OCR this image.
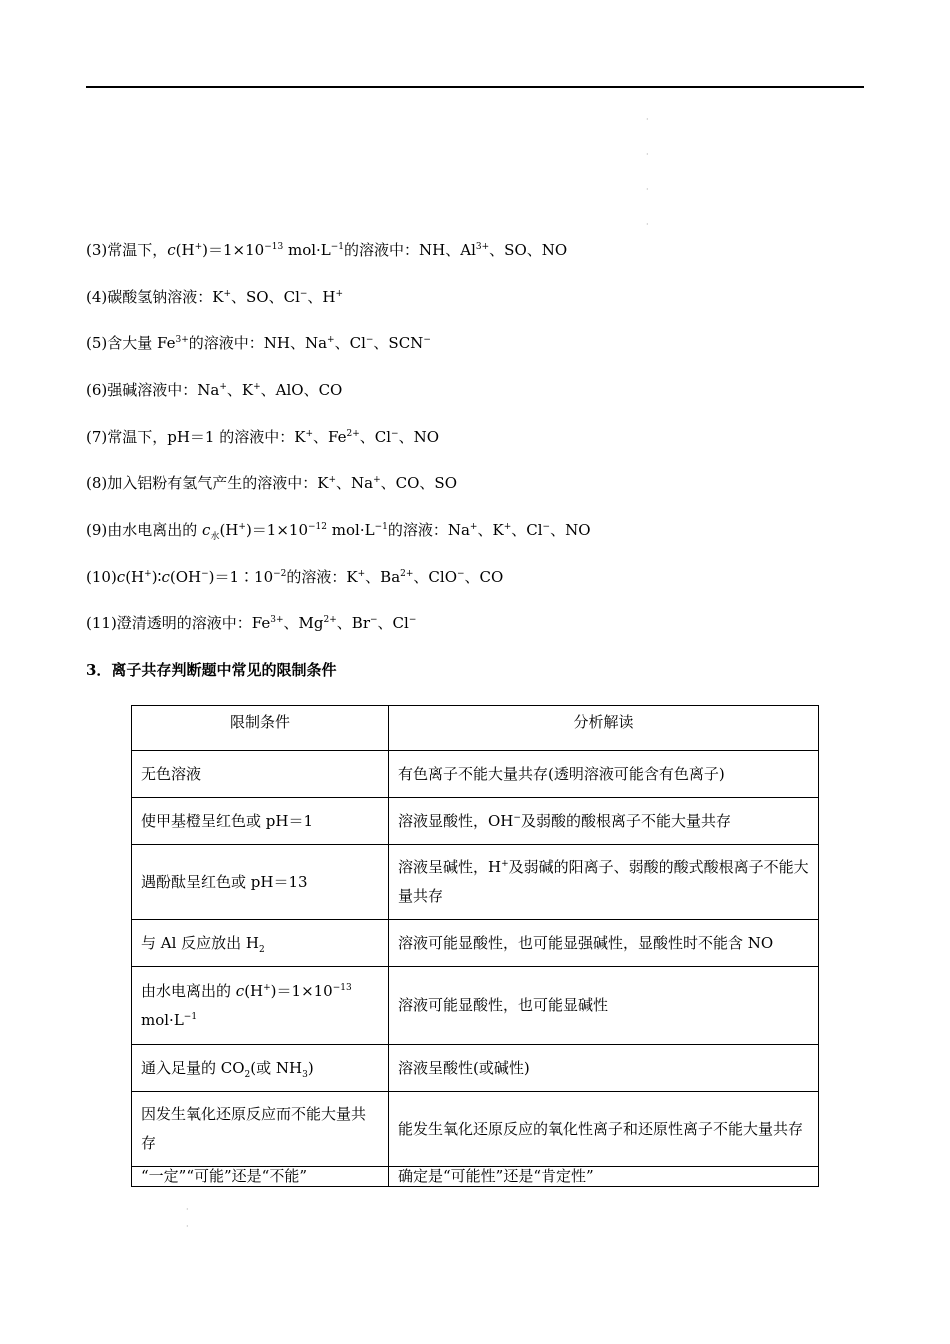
·
·
·
·
(3)常温下，$c(H^+)=1\times 10^{-13}$ $mol\cdot L^{-1}$的溶液中：NH、$Al^{3+}$、SO、NO
(4)碳酸氢钠溶液：K+、SO、Cl−、H+
(5)含大量 $Fe^{3+}$的溶液中：NH、Na+、Cl−、SCN−
(6)强碱溶液中：Na+、K+、AlO、CO
(7)常温下，pH＝1 的溶液中：K+、$Fe^{2+}$、Cl−、NO
(8)加入铝粉有氢气产生的溶液中：K+、Na+、CO、SO
(9)由水电离出的 $c_水(H^+)=1\times 10^{-12}$ $mol\cdot L^{-1}$的溶液：Na+、K+、Cl−、NO
$(10)c(H^+)∶c(OH^-)=1∶10^{-2}$的溶液：K+、$Ba^{2+}$、ClO−、CO
(11)澄清透明的溶液中：$Fe^{3+}$、$Mg^{2+}$、Br−、Cl−
3．离子共存判断题中常见的限制条件
限制条件	分析解读
无色溶液	有色离子不能大量共存(透明溶液可能含有色离子)
使甲基橙呈红色或 pH＝1	溶液显酸性，OH−及弱酸的酸根离子不能大量共存
遇酚酞呈红色或 pH＝13	溶液呈碱性，H+及弱碱的阳离子、弱酸的酸式酸根离子不能大量共存
与 Al 反应放出 $H_2$	溶液可能显酸性，也可能显强碱性，显酸性时不能含 NO
由水电离出的 $c(H^+)=1\times 10^{-13}$ $mol\cdot L^{-1}$	溶液可能显酸性，也可能显碱性
通入足量的 $CO_2$(或 $NH_3$)	溶液呈酸性(或碱性)
因发生氧化还原反应而不能大量共存	能发生氧化还原反应的氧化性离子和还原性离子不能大量共存
“一定”“可能”还是“不能”	确定是“可能性”还是“肯定性”
·
·
